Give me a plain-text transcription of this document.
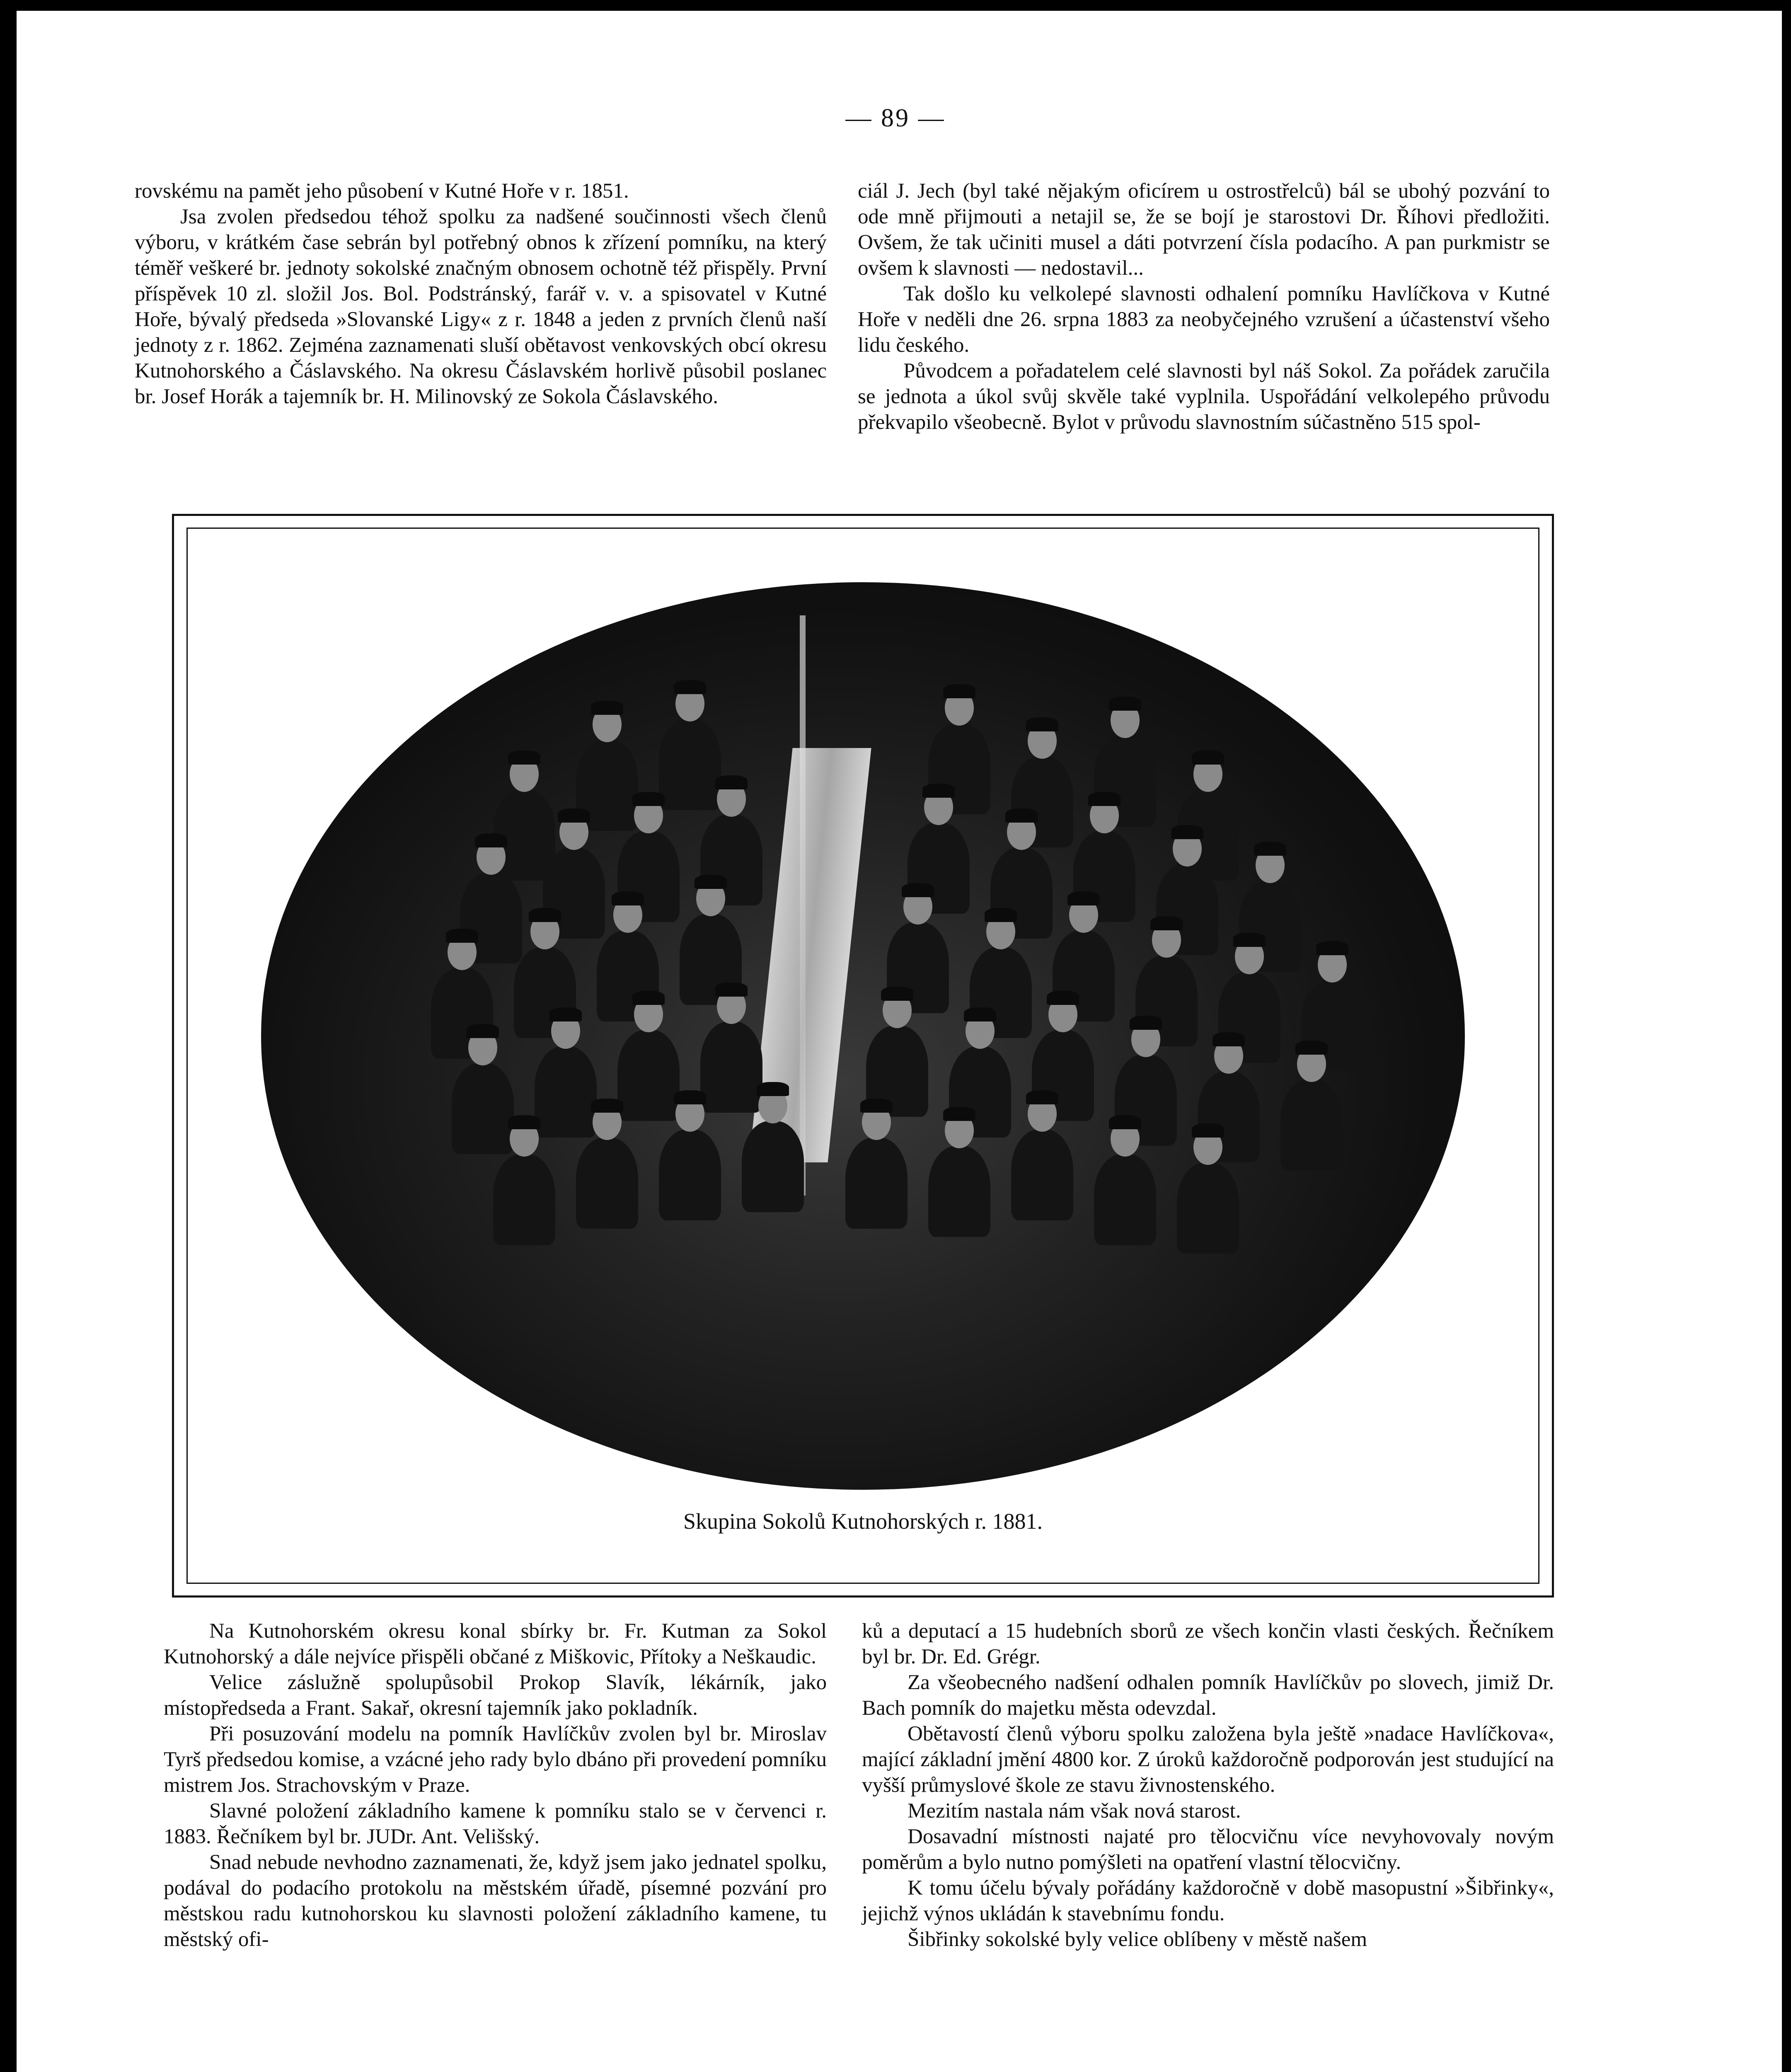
— 89 —

rovskému na pamět jeho působení v Kutné Hoře v r. 1851.

Jsa zvolen předsedou téhož spolku za nadšené součinnosti všech členů výboru, v krátkém čase sebrán byl potřebný obnos k zřízení pomníku, na který téměř veškeré br. jednoty sokolské značným obnosem ochotně též přispěly. První příspěvek 10 zl. složil Jos. Bol. Podstránský, farář v. v. a spisovatel v Kutné Hoře, bývalý předseda »Slovanské Ligy« z r. 1848 a jeden z prvních členů naší jednoty z r. 1862. Zejména zaznamenati sluší obětavost venkovských obcí okresu Kutnohorského a Čáslavského. Na okresu Čáslavském horlivě působil poslanec br. Josef Horák a tajemník br. H. Milinovský ze Sokola Čáslavského.

ciál J. Jech (byl také nějakým oficírem u ostrostřelců) bál se ubohý pozvání to ode mně přijmouti a netajil se, že se bojí je starostovi Dr. Říhovi předložiti. Ovšem, že tak učiniti musel a dáti potvrzení čísla podacího. A pan purkmistr se ovšem k slavnosti — nedostavil...

Tak došlo ku velkolepé slavnosti odhalení pomníku Havlíčkova v Kutné Hoře v neděli dne 26. srpna 1883 za neobyčejného vzrušení a účastenství všeho lidu českého.

Původcem a pořadatelem celé slavnosti byl náš Sokol. Za pořádek zaručila se jednota a úkol svůj skvěle také vyplnila. Uspořádání velkolepého průvodu překvapilo všeobecně. Bylot v průvodu slavnostním súčastněno 515 spol-

Skupina Sokolů Kutnohorských r. 1881.

Na Kutnohorském okresu konal sbírky br. Fr. Kutman za Sokol Kutnohorský a dále nejvíce přispěli občané z Miškovic, Přítoky a Neškaudic.

Velice záslužně spolupůsobil Prokop Slavík, lékárník, jako místopředseda a Frant. Sakař, okresní tajemník jako pokladník.

Při posuzování modelu na pomník Havlíčkův zvolen byl br. Miroslav Tyrš předsedou komise, a vzácné jeho rady bylo dbáno při provedení pomníku mistrem Jos. Strachovským v Praze.

Slavné položení základního kamene k pomníku stalo se v červenci r. 1883. Řečníkem byl br. JUDr. Ant. Velišský.

Snad nebude nevhodno zaznamenati, že, když jsem jako jednatel spolku, podával do podacího protokolu na městském úřadě, písemné pozvání pro městskou radu kutnohorskou ku slavnosti položení základního kamene, tu městský ofi-

ků a deputací a 15 hudebních sborů ze všech končin vlasti českých. Řečníkem byl br. Dr. Ed. Grégr.

Za všeobecného nadšení odhalen pomník Havlíčkův po slovech, jimiž Dr. Bach pomník do majetku města odevzdal.

Obětavostí členů výboru spolku založena byla ještě »nadace Havlíčkova«, mající základní jmění 4800 kor. Z úroků každoročně podporován jest studující na vyšší průmyslové škole ze stavu živnostenského.

Mezitím nastala nám však nová starost.

Dosavadní místnosti najaté pro tělocvičnu více nevyhovovaly novým poměrům a bylo nutno pomýšleti na opatření vlastní tělocvičny.

K tomu účelu bývaly pořádány každoročně v době masopustní »Šibřinky«, jejichž výnos ukládán k stavebnímu fondu.

Šibřinky sokolské byly velice oblíbeny v městě našem
